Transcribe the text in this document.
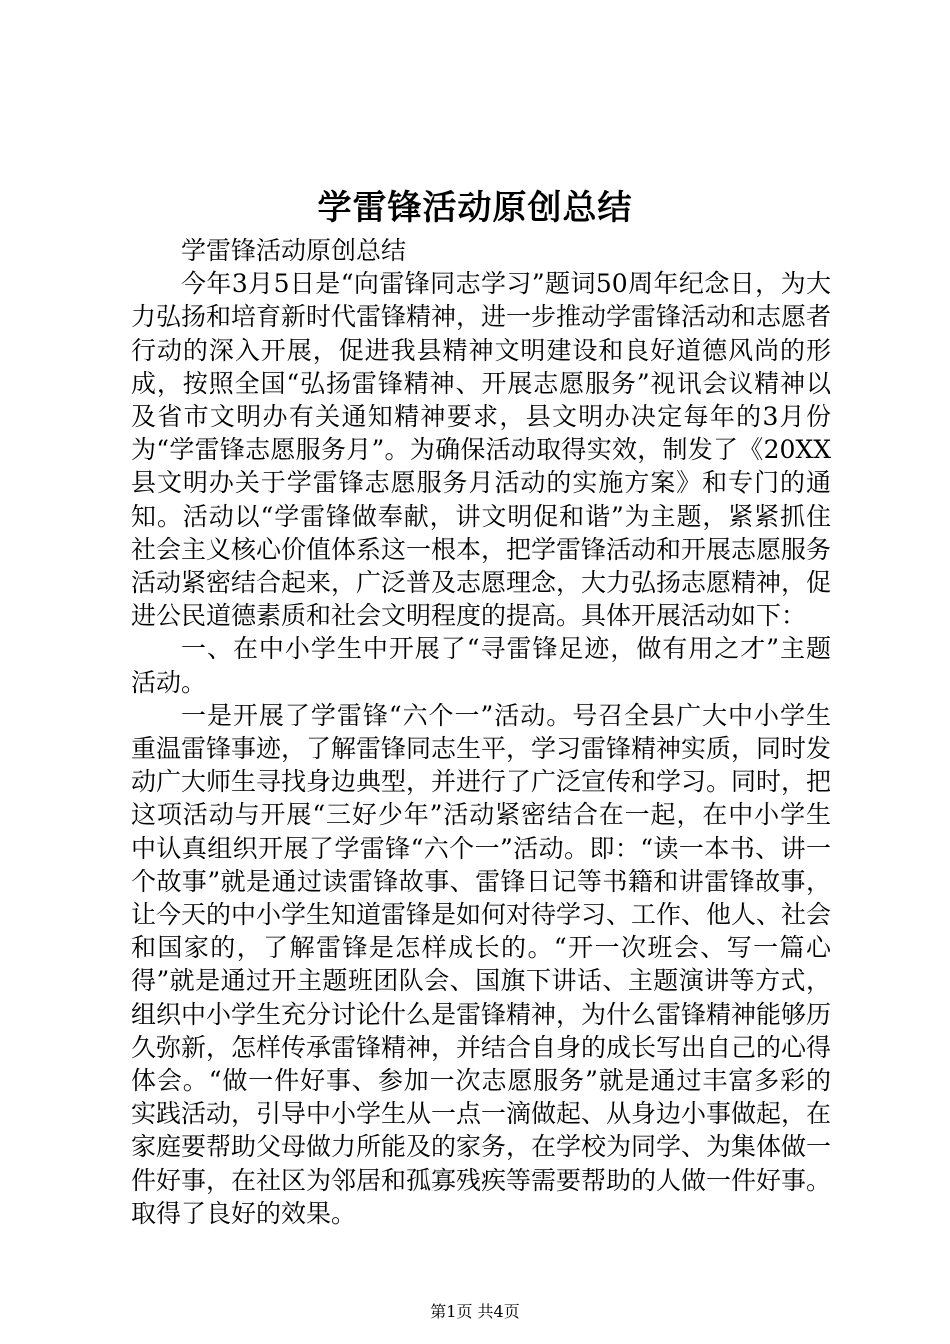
学雷锋活动原创总结

学雷锋活动原创总结

今年3月5日是“向雷锋同志学习”题词50周年纪念日，为大力弘扬和培育新时代雷锋精神，进一步推动学雷锋活动和志愿者行动的深入开展，促进我县精神文明建设和良好道德风尚的形成，按照全国“弘扬雷锋精神、开展志愿服务”视讯会议精神以及省市文明办有关通知精神要求，县文明办决定每年的3月份为“学雷锋志愿服务月”。为确保活动取得实效，制发了《20XX县文明办关于学雷锋志愿服务月活动的实施方案》和专门的通知。活动以“学雷锋做奉献，讲文明促和谐”为主题，紧紧抓住社会主义核心价值体系这一根本，把学雷锋活动和开展志愿服务活动紧密结合起来，广泛普及志愿理念，大力弘扬志愿精神，促进公民道德素质和社会文明程度的提高。具体开展活动如下：

一、在中小学生中开展了“寻雷锋足迹，做有用之才”主题活动。

一是开展了学雷锋“六个一”活动。号召全县广大中小学生重温雷锋事迹，了解雷锋同志生平，学习雷锋精神实质，同时发动广大师生寻找身边典型，并进行了广泛宣传和学习。同时，把这项活动与开展“三好少年”活动紧密结合在一起，在中小学生中认真组织开展了学雷锋“六个一”活动。即：“读一本书、讲一个故事”就是通过读雷锋故事、雷锋日记等书籍和讲雷锋故事，让今天的中小学生知道雷锋是如何对待学习、工作、他人、社会和国家的，了解雷锋是怎样成长的。“开一次班会、写一篇心得”就是通过开主题班团队会、国旗下讲话、主题演讲等方式，组织中小学生充分讨论什么是雷锋精神，为什么雷锋精神能够历久弥新，怎样传承雷锋精神，并结合自身的成长写出自己的心得体会。“做一件好事、参加一次志愿服务”就是通过丰富多彩的实践活动，引导中小学生从一点一滴做起、从身边小事做起，在家庭要帮助父母做力所能及的家务，在学校为同学、为集体做一件好事，在社区为邻居和孤寡残疾等需要帮助的人做一件好事。取得了良好的效果。

第1页 共4页
